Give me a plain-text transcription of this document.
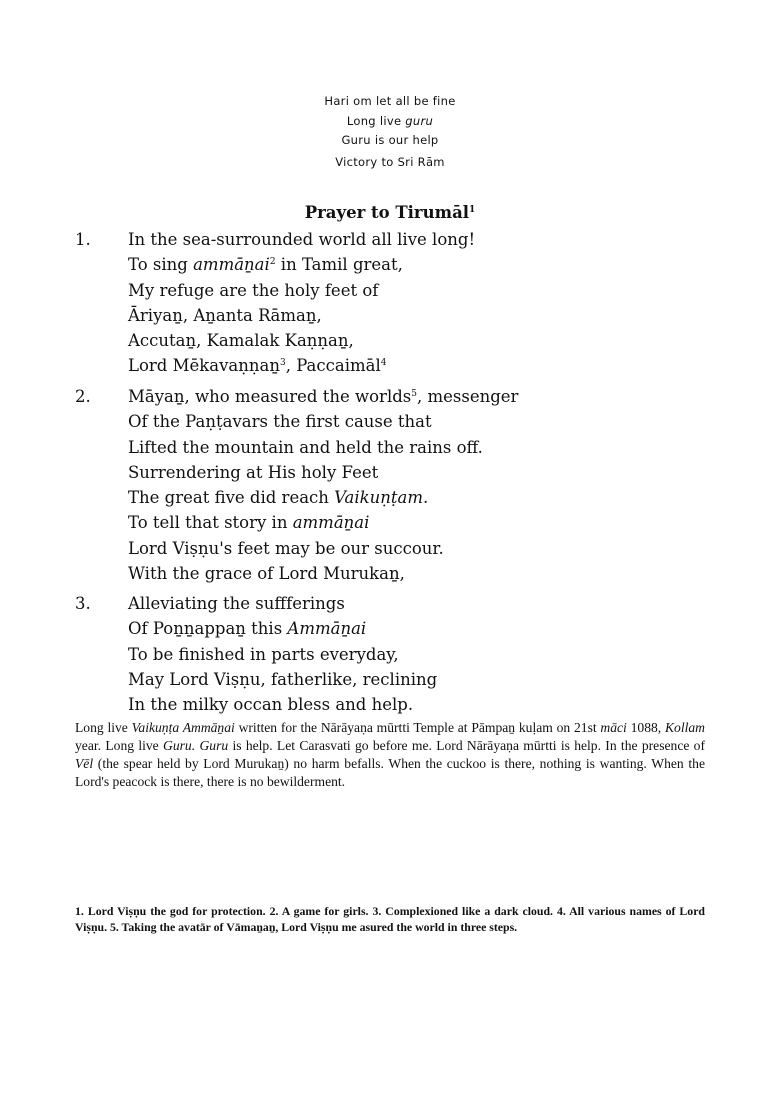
Hari om let all be fine
Long live guru
Guru is our help
Victory to Sri Rām
Prayer to Tirumāl$^1$
1. In the sea-surrounded world all live long!
To sing ammāṉai$^2$ in Tamil great,
My refuge are the holy feet of
Āriyaṉ, Aṉanta Rāmaṉ,
Accutaṉ, Kamalak Kaṇṇaṉ,
Lord Mēkavaṇṇaṉ$^3$, Paccaimāl$^4$
2. Māyaṉ, who measured the worlds$^5$, messenger
Of the Paṇṭavars the first cause that
Lifted the mountain and held the rains off.
Surrendering at His holy Feet
The great five did reach Vaikuṇṭam.
To tell that story in ammāṉai
Lord Viṣṇu's feet may be our succour.
With the grace of Lord Murukaṉ,
3. Alleviating the suffferings
Of Poṉṉappaṉ this Ammāṉai
To be finished in parts everyday,
May Lord Viṣṇu, fatherlike, reclining
In the milky occan bless and help.
Long live Vaikuṇṭa Ammāṉai written for the Nārāyaṇa mūrtti Temple at Pāmpaṉ kuḷam on 21st māci 1088, Kollam year. Long live Guru. Guru is help. Let Carasvati go before me. Lord Nārāyaṇa mūrtti is help. In the presence of Vēl (the spear held by Lord Murukaṉ) no harm befalls. When the cuckoo is there, nothing is wanting. When the Lord's peacock is there, there is no bewilderment.
1. Lord Viṣṇu the god for protection. 2. A game for girls. 3. Complexioned like a dark cloud. 4. All various names of Lord Viṣṇu. 5. Taking the avatār of Vāmaṉaṉ, Lord Viṣṇu me asured the world in three steps.
